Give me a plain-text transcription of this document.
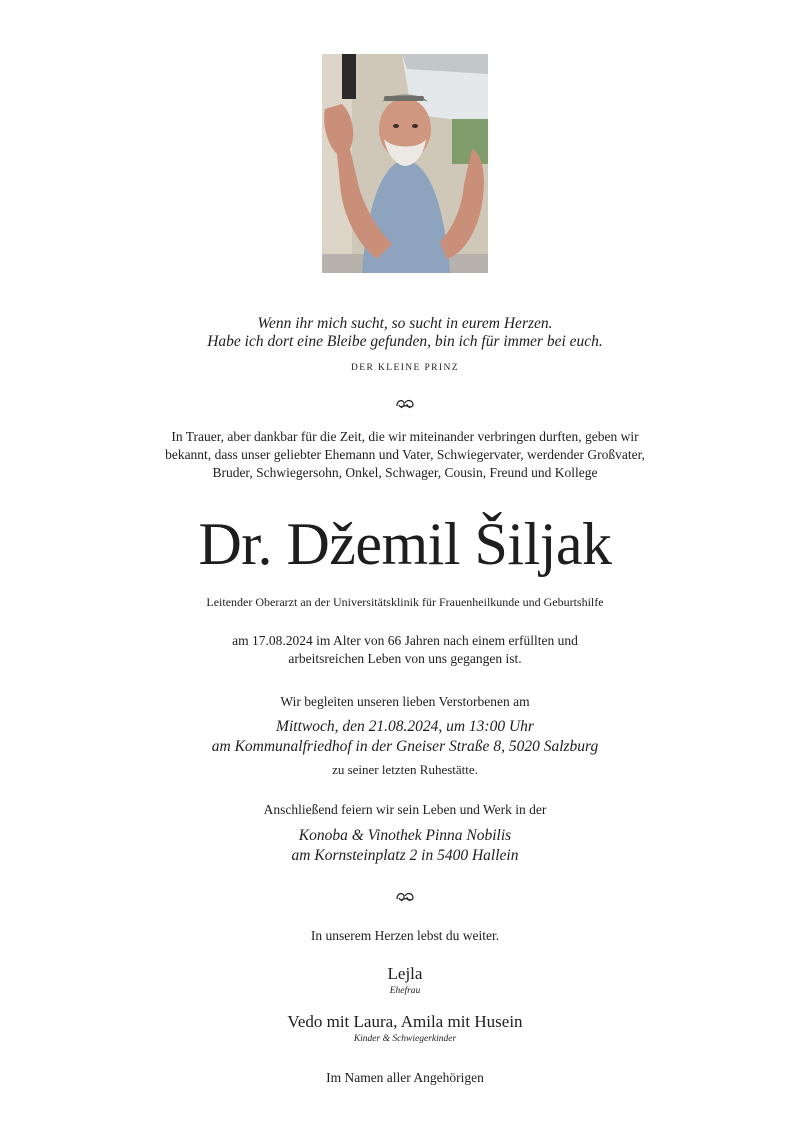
Wenn ihr mich sucht, so sucht in eurem Herzen.
Habe ich dort eine Bleibe gefunden, bin ich für immer bei euch.
DER KLEINE PRINZ
In Trauer, aber dankbar für die Zeit, die wir miteinander verbringen durften, geben wir
bekannt, dass unser geliebter Ehemann und Vater, Schwiegervater, werdender Großvater,
Bruder, Schwiegersohn, Onkel, Schwager, Cousin, Freund und Kollege
Dr. Džemil Šiljak
Leitender Oberarzt an der Universitätsklinik für Frauenheilkunde und Geburtshilfe
am 17.08.2024 im Alter von 66 Jahren nach einem erfüllten und
arbeitsreichen Leben von uns gegangen ist.
Wir begleiten unseren lieben Verstorbenen am
Mittwoch, den 21.08.2024, um 13:00 Uhr
am Kommunalfriedhof in der Gneiser Straße 8, 5020 Salzburg
zu seiner letzten Ruhestätte.
Anschließend feiern wir sein Leben und Werk in der
Konoba & Vinothek Pinna Nobilis
am Kornsteinplatz 2 in 5400 Hallein
In unserem Herzen lebst du weiter.
Lejla
Ehefrau
Vedo mit Laura, Amila mit Husein
Kinder & Schwiegerkinder
Im Namen aller Angehörigen
